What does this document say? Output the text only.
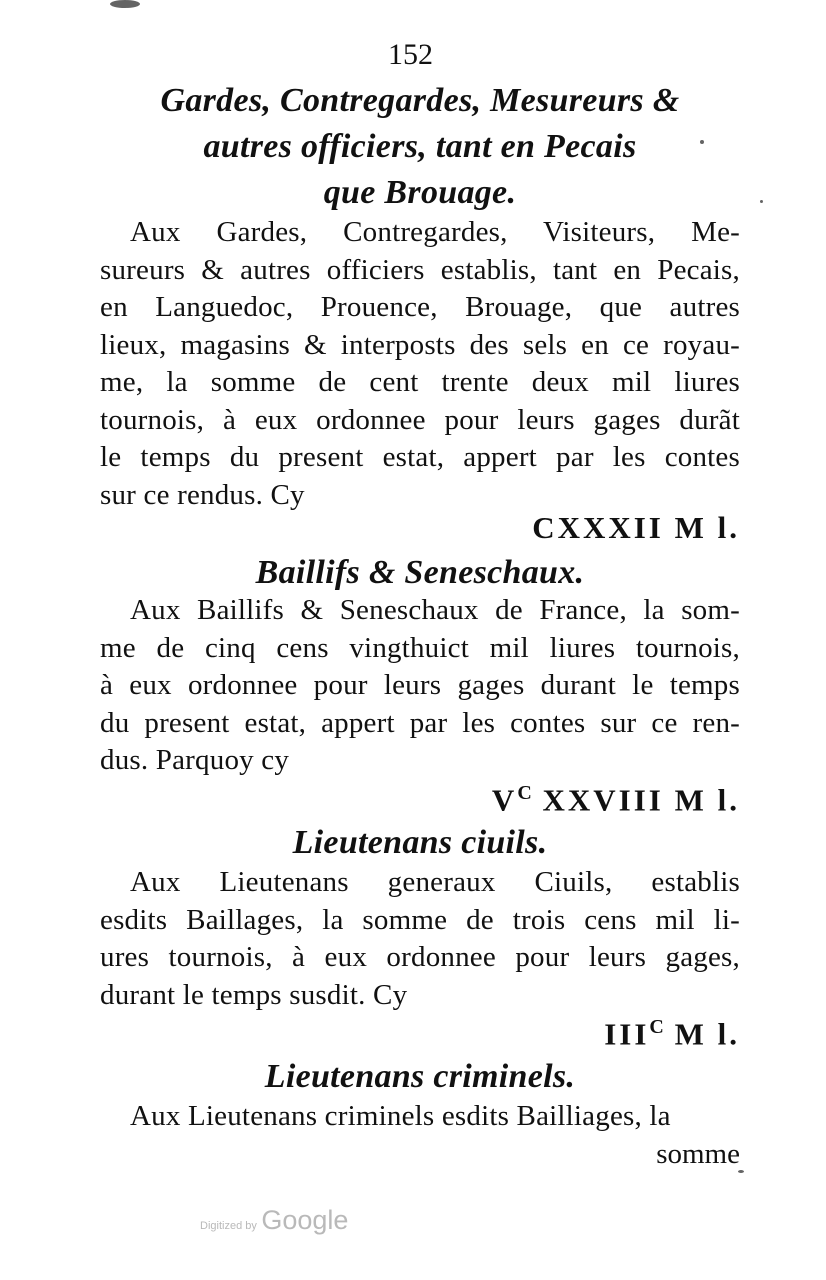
152
Gardes, Contregardes, Mesureurs &
autres officiers, tant en Pecais
que Brouage.
Aux Gardes, Contregardes, Visiteurs, Me-
sureurs & autres officiers establis, tant en Pecais,
en Languedoc, Prouence, Brouage, que autres
lieux, magasins & interposts des sels en ce royau-
me, la somme de cent trente deux mil liures
tournois, à eux ordonnee pour leurs gages durãt
le temps du present estat, appert par les contes
sur ce rendus. Cy
CXXXII M l.
Baillifs & Seneschaux.
Aux Baillifs & Seneschaux de France, la som-
me de cinq cens vingthuict mil liures tournois,
à eux ordonnee pour leurs gages durant le temps
du present estat, appert par les contes sur ce ren-
dus. Parquoy cy
$V^C$ XXVIII M l.
Lieutenans ciuils.
Aux Lieutenans generaux Ciuils, establis
esdits Baillages, la somme de trois cens mil li-
ures tournois, à eux ordonnee pour leurs gages,
durant le temps susdit. Cy
$III^C$ M l.
Lieutenans criminels.
Aux Lieutenans criminels esdits Bailliages, la
somme
Digitized by Google
